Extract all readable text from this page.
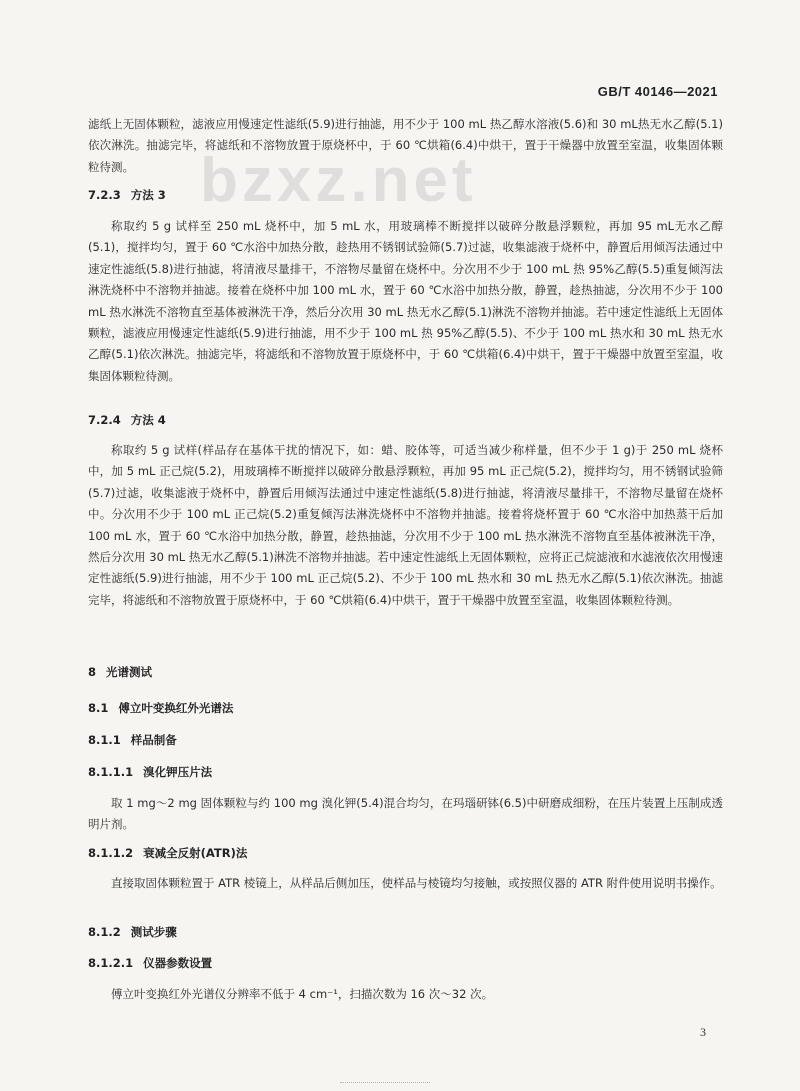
GB/T 40146—2021
bzxz.net

滤纸上无固体颗粒，滤液应用慢速定性滤纸(5.9)进行抽滤，用不少于 100 mL 热乙醇水溶液(5.6)和 30 mL热无水乙醇(5.1)依次淋洗。抽滤完毕，将滤纸和不溶物放置于原烧杯中，于 60 ℃烘箱(6.4)中烘干，置于干燥器中放置至室温，收集固体颗粒待测。

7.2.3 方法 3

称取约 5 g 试样至 250 mL 烧杯中，加 5 mL 水，用玻璃棒不断搅拌以破碎分散悬浮颗粒，再加 95 mL无水乙醇(5.1)，搅拌均匀，置于 60 ℃水浴中加热分散，趁热用不锈钢试验筛(5.7)过滤，收集滤液于烧杯中，静置后用倾泻法通过中速定性滤纸(5.8)进行抽滤，将清液尽量排干，不溶物尽量留在烧杯中。分次用不少于 100 mL 热 95%乙醇(5.5)重复倾泻法淋洗烧杯中不溶物并抽滤。接着在烧杯中加 100 mL 水，置于 60 ℃水浴中加热分散，静置，趁热抽滤，分次用不少于 100 mL 热水淋洗不溶物直至基体被淋洗干净，然后分次用 30 mL 热无水乙醇(5.1)淋洗不溶物并抽滤。若中速定性滤纸上无固体颗粒，滤液应用慢速定性滤纸(5.9)进行抽滤，用不少于 100 mL 热 95%乙醇(5.5)、不少于 100 mL 热水和 30 mL 热无水乙醇(5.1)依次淋洗。抽滤完毕，将滤纸和不溶物放置于原烧杯中，于 60 ℃烘箱(6.4)中烘干，置于干燥器中放置至室温，收集固体颗粒待测。

7.2.4 方法 4

称取约 5 g 试样(样品存在基体干扰的情况下，如：蜡、胶体等，可适当减少称样量，但不少于 1 g)于 250 mL 烧杯中，加 5 mL 正己烷(5.2)，用玻璃棒不断搅拌以破碎分散悬浮颗粒，再加 95 mL 正己烷(5.2)，搅拌均匀，用不锈钢试验筛(5.7)过滤，收集滤液于烧杯中，静置后用倾泻法通过中速定性滤纸(5.8)进行抽滤，将清液尽量排干，不溶物尽量留在烧杯中。分次用不少于 100 mL 正己烷(5.2)重复倾泻法淋洗烧杯中不溶物并抽滤。接着将烧杯置于 60 ℃水浴中加热蒸干后加 100 mL 水，置于 60 ℃水浴中加热分散，静置，趁热抽滤，分次用不少于 100 mL 热水淋洗不溶物直至基体被淋洗干净，然后分次用 30 mL 热无水乙醇(5.1)淋洗不溶物并抽滤。若中速定性滤纸上无固体颗粒，应将正己烷滤液和水滤液依次用慢速定性滤纸(5.9)进行抽滤，用不少于 100 mL 正己烷(5.2)、不少于 100 mL 热水和 30 mL 热无水乙醇(5.1)依次淋洗。抽滤完毕，将滤纸和不溶物放置于原烧杯中，于 60 ℃烘箱(6.4)中烘干，置于干燥器中放置至室温，收集固体颗粒待测。

8 光谱测试
8.1 傅立叶变换红外光谱法
8.1.1 样品制备
8.1.1.1 溴化钾压片法

取 1 mg～2 mg 固体颗粒与约 100 mg 溴化钾(5.4)混合均匀，在玛瑙研钵(6.5)中研磨成细粉，在压片装置上压制成透明片剂。

8.1.1.2 衰减全反射(ATR)法

直接取固体颗粒置于 ATR 棱镜上，从样品后侧加压，使样品与棱镜均匀接触，或按照仪器的 ATR 附件使用说明书操作。

8.1.2 测试步骤
8.1.2.1 仪器参数设置

傅立叶变换红外光谱仪分辨率不低于 4 cm⁻¹，扫描次数为 16 次～32 次。

3
